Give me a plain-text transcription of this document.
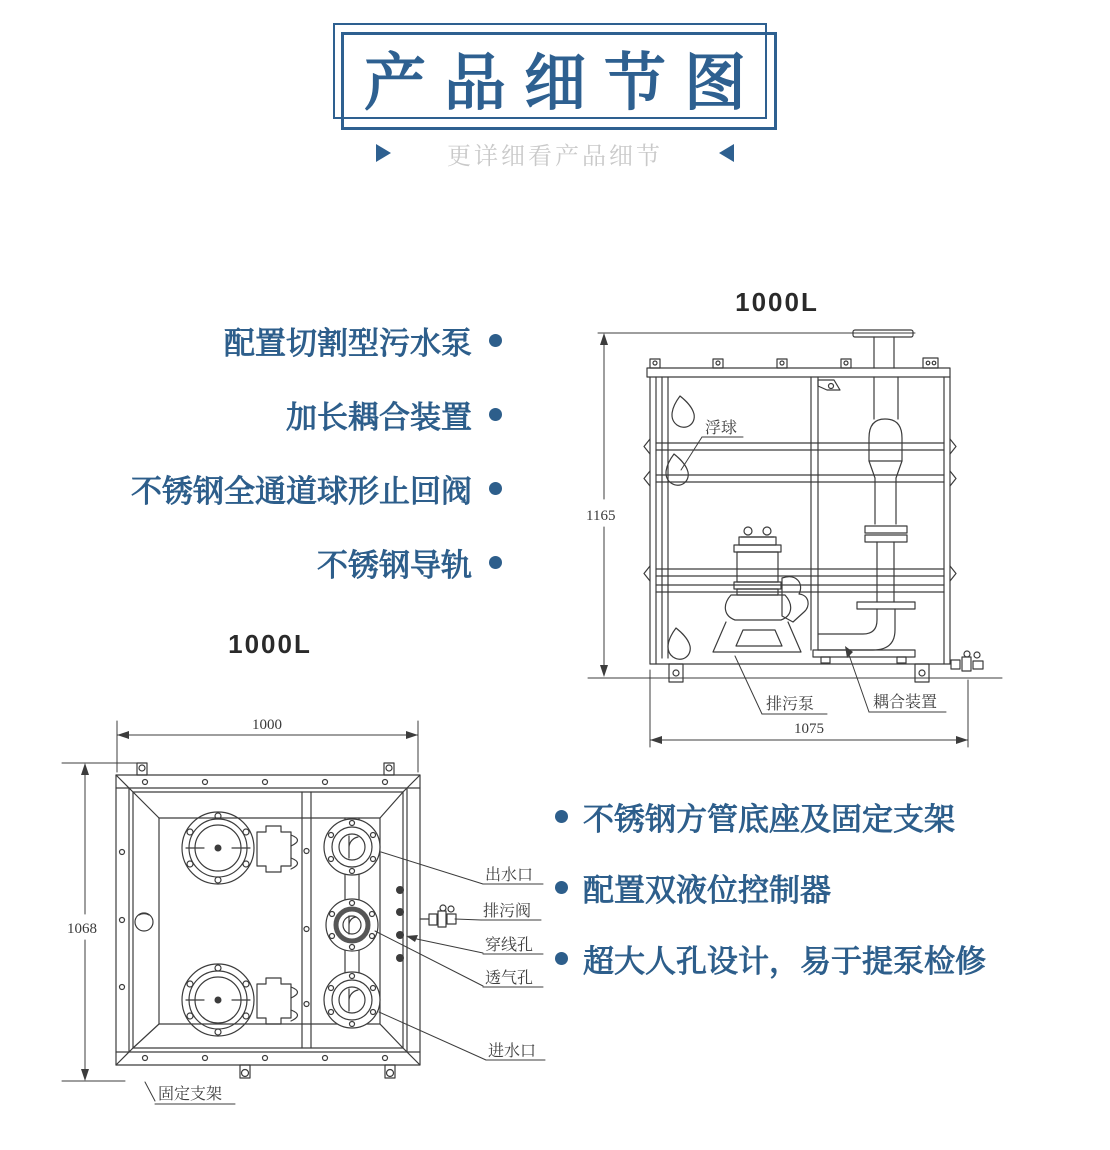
产品细节图
更详细看产品细节
配置切割型污水泵
加长耦合装置
不锈钢全通道球形止回阀
不锈钢导轨
不锈钢方管底座及固定支架
配置双液位控制器
超大人孔设计，易于提泵检修
1000L
1165
浮球
排污泵	耦合装置
1075
1000L
1000
1068
出水口
排污阀
穿线孔
透气孔
进水口
固定支架
